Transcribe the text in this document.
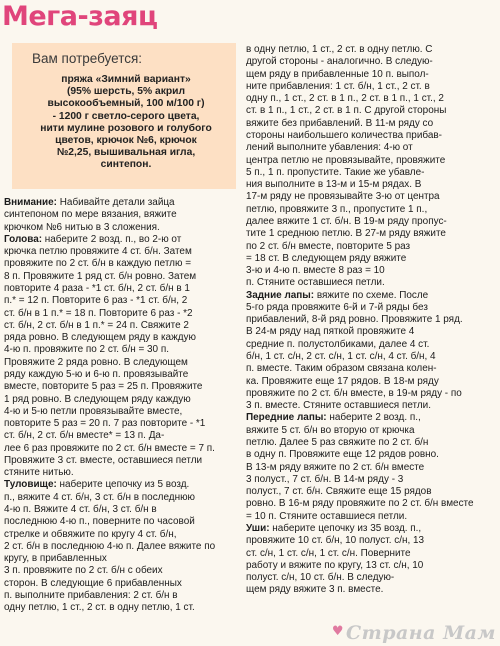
Мега-заяц
Вам потребуется:

пряжа «Зимний вариант»
(95% шерсть, 5% акрил
высокообъемный, 100 м/100 г)
- 1200 г светло-серого цвета,
нити мулине розового и голубого
цветов, крючок №6, крючок
№2,25, вышивальная игла,
синтепон.

Внимание: Набивайте детали зайца
синтепоном по мере вязания, вяжите
крючком №6 нитью в 3 сложения.

Голова: наберите 2 возд. п., во 2-ю от
крючка петлю провяжите 4 ст. б/н. Затем
провяжите по 2 ст. б/н в каждую петлю =
8 п. Провяжите 1 ряд ст. б/н ровно. Затем
повторите 4 раза - *1 ст. б/н, 2 ст. б/н в 1
п.* = 12 п. Повторите 6 раз - *1 ст. б/н, 2
ст. б/н в 1 п.* = 18 п. Повторите 6 раз - *2
ст. б/н, 2 ст. б/н в 1 п.* = 24 п. Свяжите 2
ряда ровно. В следующем ряду в каждую
4-ю п. провяжите по 2 ст. б/н = 30 п.
Провяжите 2 ряда ровно. В следующем
ряду каждую 5-ю и 6-ю п. провязывайте
вместе, повторите 5 раз = 25 п. Провяжите
1 ряд ровно. В следующем ряду каждую
4-ю и 5-ю петли провязывайте вместе,
повторите 5 раз = 20 п. 7 раз повторите - *1
ст. б/н, 2 ст. б/н вместе* = 13 п. Да-
лее 6 раз провяжите по 2 ст. б/н вместе = 7 п.
Провяжите 3 ст. вместе, оставшиеся петли
стяните нитью.

Туловище: наберите цепочку из 5 возд.
п., вяжите 4 ст. б/н, 3 ст. б/н в последнюю
4-ю п. Вяжите 4 ст. б/н, 3 ст. б/н в
последнюю 4-ю п., поверните по часовой
стрелке и обвяжите по кругу 4 ст. б/н,
2 ст. б/н в последнюю 4-ю п. Далее вяжите по кругу, в прибавленных
3 п. провяжите по 2 ст. б/н с обеих
сторон. В следующие 6 прибавленных
п. выполните прибавления: 2 ст. б/н в
одну петлю, 1 ст., 2 ст. в одну петлю, 1 ст.

в одну петлю, 1 ст., 2 ст. в одну петлю. С
другой стороны - аналогично. В следую-
щем ряду в прибавленные 10 п. выпол-
ните прибавления: 1 ст. б/н, 1 ст., 2 ст. в
одну п., 1 ст., 2 ст. в 1 п., 2 ст. в 1 п., 1 ст., 2
ст. в 1 п., 1 ст., 2 ст. в 1 п. С другой стороны
вяжите без прибавлений. В 11-м ряду со
стороны наибольшего количества прибав-
лений выполните убавления: 4-ю от
центра петлю не провязывайте, провяжите
5 п., 1 п. пропустите. Такие же убавле-
ния выполните в 13-м и 15-м рядах. В
17-м ряду не провязывайте 3-ю от центра
петлю, провяжите 3 п., пропустите 1 п.,
далее вяжите 1 ст. б/н. В 19-м ряду пропус-
тите 1 среднюю петлю. В 27-м ряду вяжите
по 2 ст. б/н вместе, повторите 5 раз
= 18 ст. В следующем ряду вяжите
3-ю и 4-ю п. вместе 8 раз = 10
п. Стяните оставшиеся петли.

Задние лапы: вяжите по схеме. После
5-го ряда провяжите 6-й и 7-й ряды без
прибавлений, 8-й ряд ровно. Провяжите 1 ряд.
В 24-м ряду над пяткой провяжите 4
средние п. полустолбиками, далее 4 ст.
б/н, 1 ст. с/н, 2 ст. с/н, 1 ст. с/н, 4 ст. б/н, 4
п. вместе. Таким образом связана колен-
ка. Провяжите еще 17 рядов. В 18-м ряду
провяжите по 2 ст. б/н вместе, в 19-м ряду - по
3 п. вместе. Стяните оставшиеся петли.

Передние лапы: наберите 2 возд. п.,
вяжите 5 ст. б/н во вторую от крючка
петлю. Далее 5 раз свяжите по 2 ст. б/н
в одну п. Провяжите еще 12 рядов ровно.
В 13-м ряду вяжите по 2 ст. б/н вместе
3 полуст., 7 ст. б/н. В 14-м ряду - 3
полуст., 7 ст. б/н. Свяжите еще 15 рядов
ровно. В 16-м ряду провяжите по 2 ст. б/н вместе
= 10 п. Стяните оставшиеся петли.

Уши: наберите цепочку из 35 возд. п.,
провяжите 10 ст. б/н, 10 полуст. с/н, 13
ст. с/н, 1 ст. с/н, 1 ст. с/н. Поверните
работу и вяжите по кругу, 13 ст. с/н, 10
полуст. с/н, 10 ст. б/н. В следую-
щем ряду вяжите 3 п. вместе.

♥ Страна Мам
